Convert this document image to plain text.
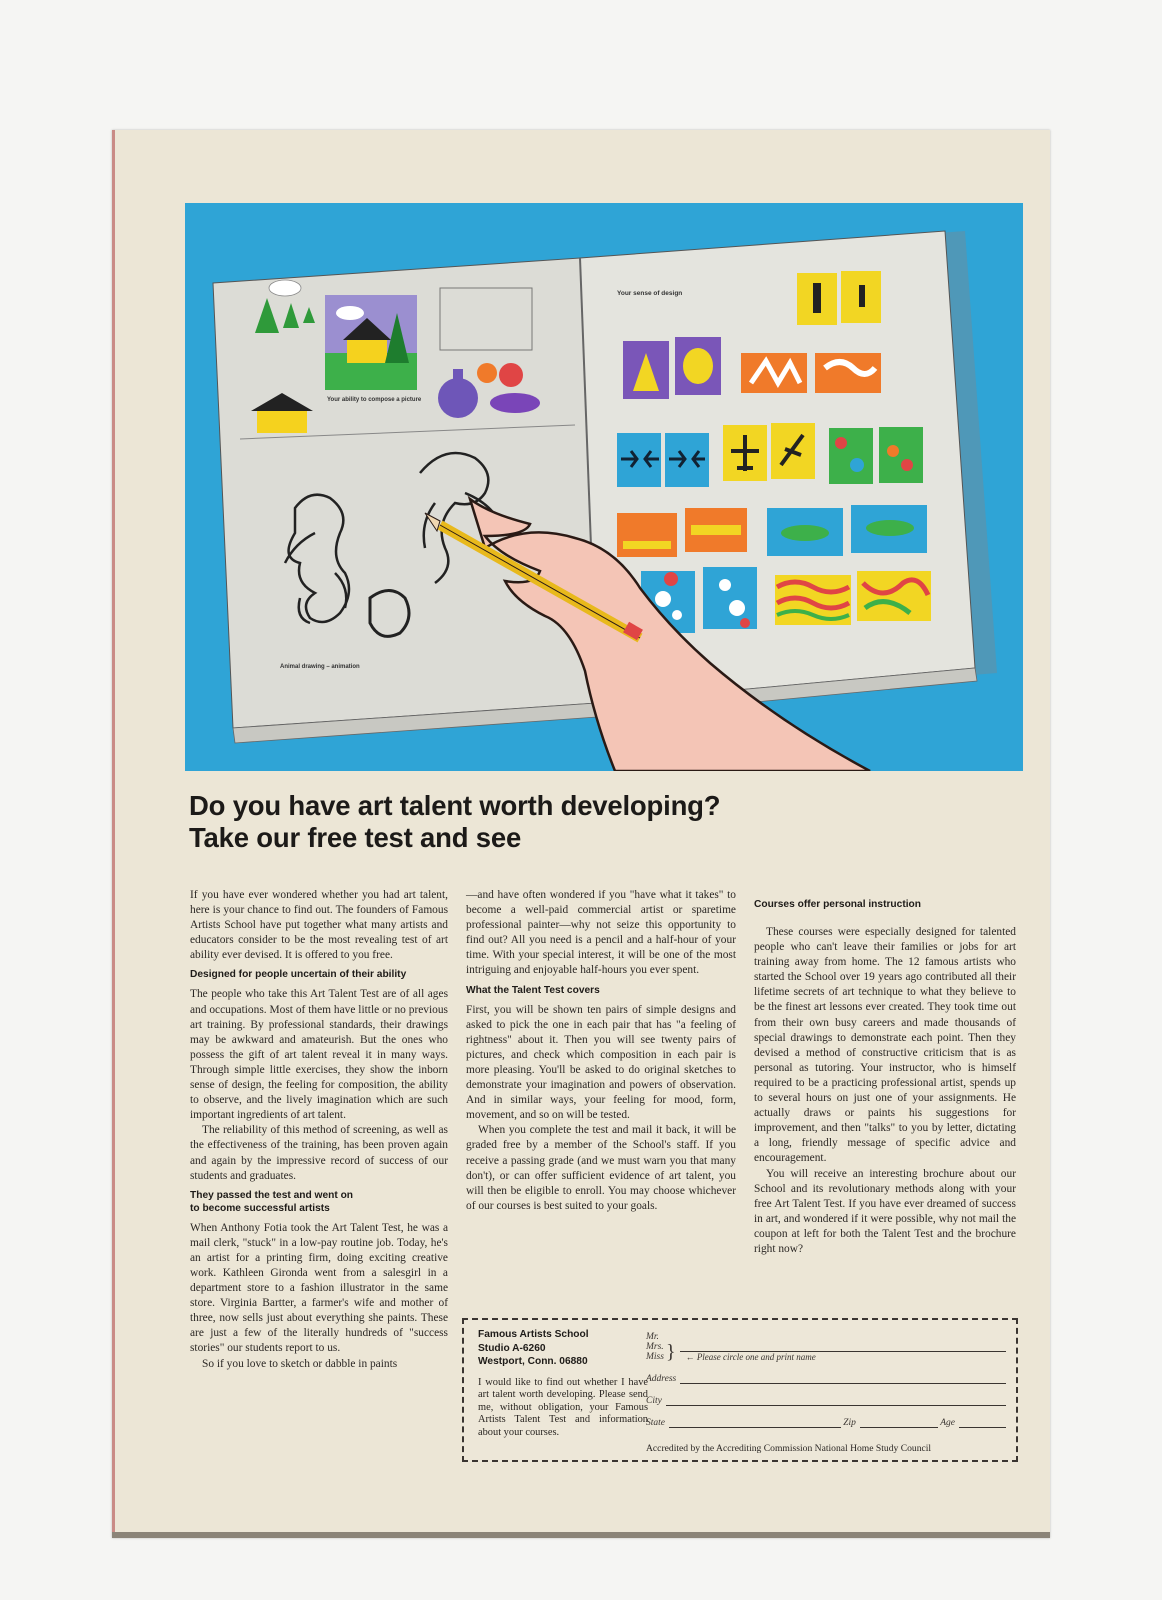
Your ability to compose a picture
Animal drawing – animation
Your sense of design
Do you have art talent worth developing?
Take our free test and see

If you have ever wondered whether you had art talent, here is your chance to find out. The founders of Famous Artists School have put together what many artists and educators consider to be the most revealing test of art ability ever devised. It is offered to you free.

Designed for people uncertain of their ability

The people who take this Art Talent Test are of all ages and occupations. Most of them have little or no previous art training. By professional standards, their drawings may be awkward and amateurish. But the ones who possess the gift of art talent reveal it in many ways. Through simple little exercises, they show the inborn sense of design, the feeling for composition, the ability to observe, and the lively imagination which are such important ingredients of art talent.

The reliability of this method of screening, as well as the effectiveness of the training, has been proven again and again by the impressive record of success of our students and graduates.

They passed the test and went on
to become successful artists

When Anthony Fotia took the Art Talent Test, he was a mail clerk, "stuck" in a low-pay routine job. Today, he's an artist for a printing firm, doing exciting creative work. Kathleen Gironda went from a salesgirl in a department store to a fashion illustrator in the same store. Virginia Bartter, a farmer's wife and mother of three, now sells just about everything she paints. These are just a few of the literally hundreds of "success stories" our students report to us.

So if you love to sketch or dabble in paints

—and have often wondered if you "have what it takes" to become a well-paid commercial artist or sparetime professional painter—why not seize this opportunity to find out? All you need is a pencil and a half-hour of your time. With your special interest, it will be one of the most intriguing and enjoyable half-hours you ever spent.

What the Talent Test covers

First, you will be shown ten pairs of simple designs and asked to pick the one in each pair that has "a feeling of rightness" about it. Then you will see twenty pairs of pictures, and check which composition in each pair is more pleasing. You'll be asked to do original sketches to demonstrate your imagination and powers of observation. And in similar ways, your feeling for mood, form, movement, and so on will be tested.

When you complete the test and mail it back, it will be graded free by a member of the School's staff. If you receive a passing grade (and we must warn you that many don't), or can offer sufficient evidence of art talent, you will then be eligible to enroll. You may choose whichever of our courses is best suited to your goals.

Courses offer personal instruction

These courses were especially designed for talented people who can't leave their families or jobs for art training away from home. The 12 famous artists who started the School over 19 years ago contributed all their lifetime secrets of art technique to what they believe to be the finest art lessons ever created. They took time out from their own busy careers and made thousands of special drawings to demonstrate each point. Then they devised a method of constructive criticism that is as personal as tutoring. Your instructor, who is himself required to be a practicing professional artist, spends up to several hours on just one of your assignments. He actually draws or paints his suggestions for improvement, and then "talks" to you by letter, dictating a long, friendly message of specific advice and encouragement.

You will receive an interesting brochure about our School and its revolutionary methods along with your free Art Talent Test. If you have ever dreamed of success in art, and wondered if it were possible, why not mail the coupon at left for both the Talent Test and the brochure right now?

Famous Artists School
Studio A-6260
Westport, Conn. 06880
I would like to find out whether I have art talent worth developing. Please send me, without obligation, your Famous Artists Talent Test and information about your courses.
Mr.
Mrs.
Miss } ← Please circle one and print name
Address
City
State	Zip	Age
Accredited by the Accrediting Commission National Home Study Council
